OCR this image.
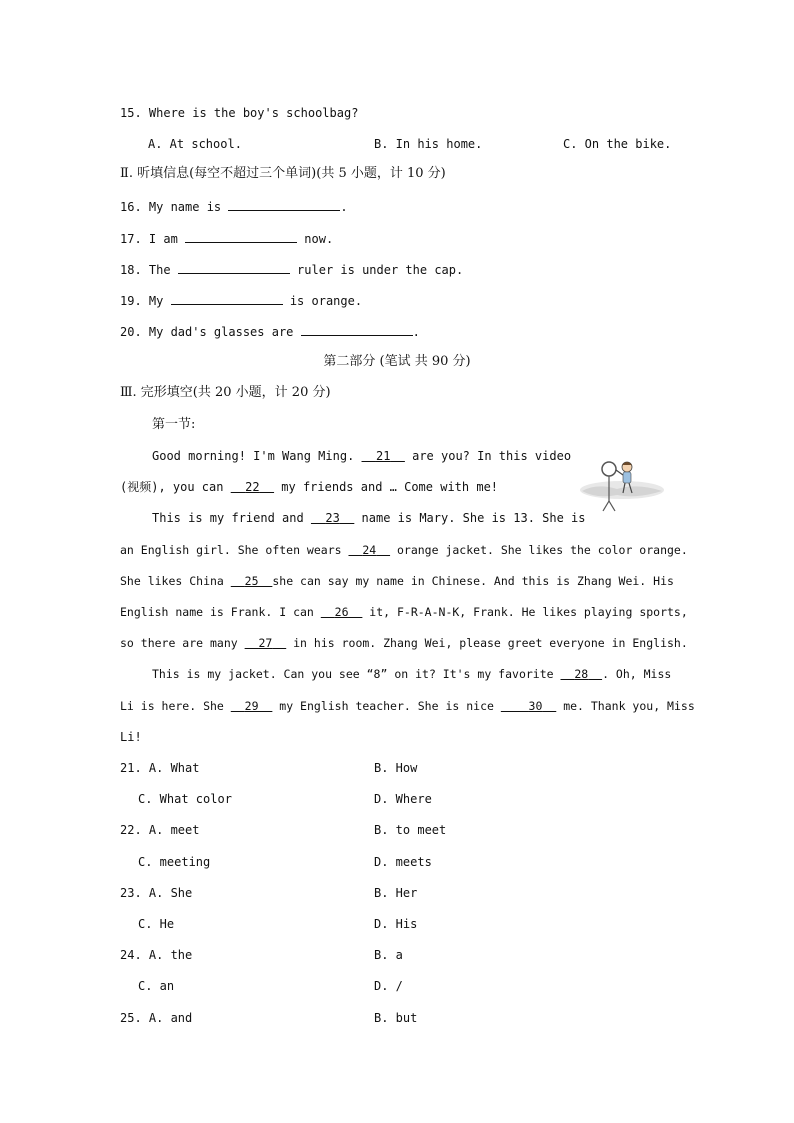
15. Where is the boy's schoolbag?
A. At school.	B. In his home.	C. On the bike.
Ⅱ. 听填信息(每空不超过三个单词)(共 5 小题，计 10 分)
16. My name is	.
17. I am	now.
18. The	ruler is under the cap.
19. My	is orange.
20. My dad's glasses are	.
第二部分 (笔试 共 90 分)
Ⅲ. 完形填空(共 20 小题，计 20 分)
第一节:
Good morning! I'm Wang Ming.   21   are you? In this video
(视频), you can   22   my friends and … Come with me!
This is my friend and   23   name is Mary. She is 13. She is
an English girl. She often wears   24   orange jacket. She likes the color orange.
She likes China   25 she can say my name in Chinese. And this is Zhang Wei. His
English name is Frank. I can   26   it, F-R-A-N-K, Frank. He likes playing sports,
so there are many   27   in his room. Zhang Wei, please greet everyone in English.
This is my jacket. Can you see “8” on it? It's my favorite   28 . Oh, Miss
Li is here. She   29   my English teacher. She is nice     30   me. Thank you, Miss
Li!
21. A. What	B. How
C. What color	D. Where
22. A. meet	B. to meet
C. meeting	D. meets
23. A. She	B. Her
C. He	D. His
24. A. the	B. a
C. an	D. /
25. A. and	B. but
